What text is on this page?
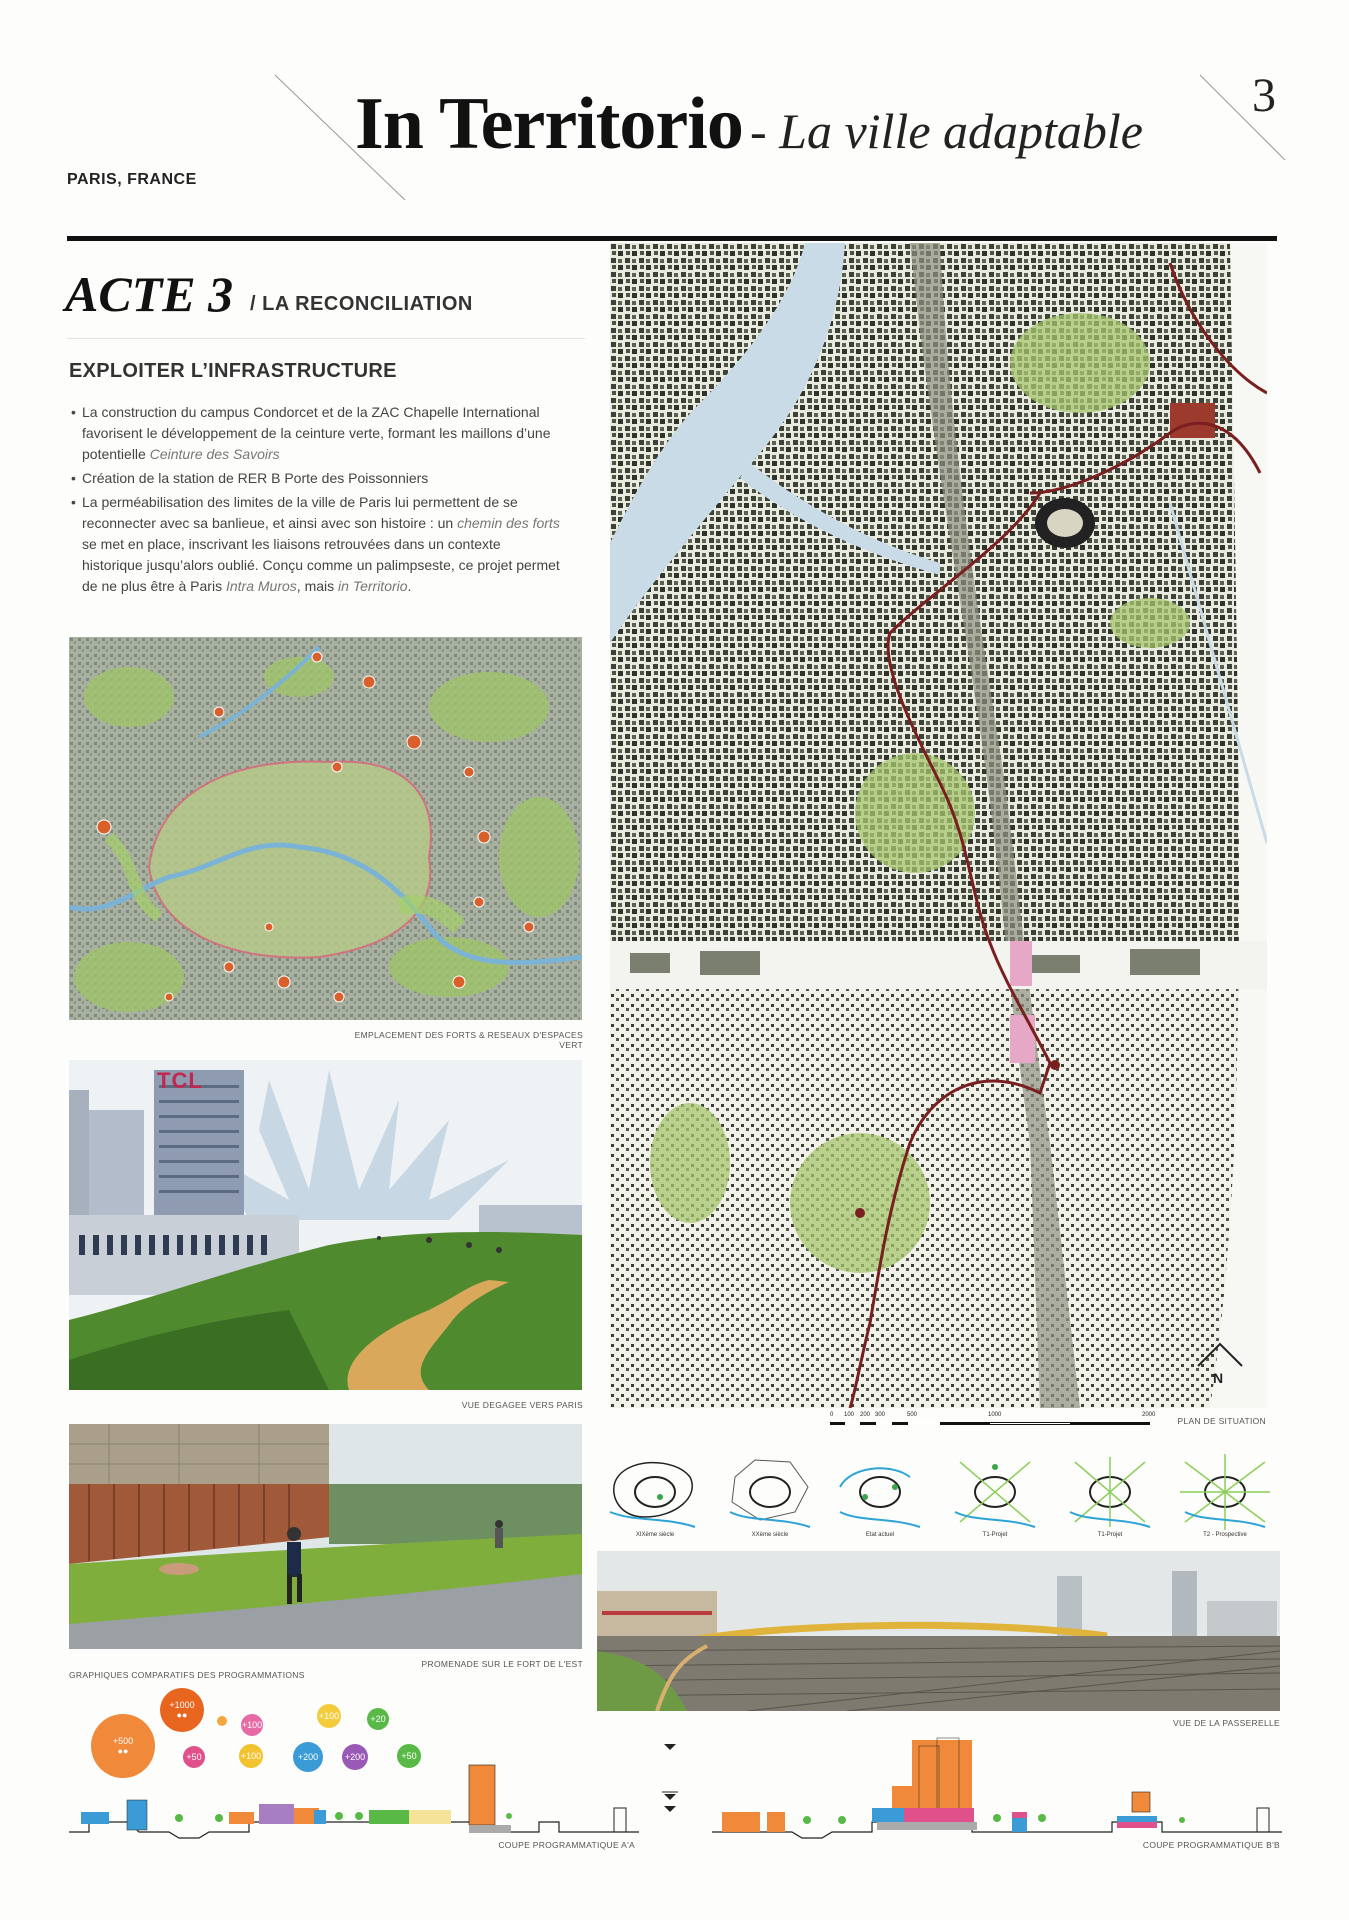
In Territorio - La ville adaptable
3
PARIS, FRANCE
ACTE 3 / LA RECONCILIATION
EXPLOITER L’INFRASTRUCTURE
• La construction du campus Condorcet et de la ZAC Chapelle International favorisent le développement de la ceinture verte, formant les maillons d’une potentielle Ceinture des Savoirs
• Création de la station de RER B Porte des Poissonniers
• La perméabilisation des limites de la ville de Paris lui permettent de se reconnecter avec sa banlieue, et ainsi avec son histoire : un chemin des forts se met en place, inscrivant les liaisons retrouvées dans un contexte historique jusqu’alors oublié. Conçu comme un palimpseste, ce projet permet de ne plus être à Paris Intra Muros, mais in Territorio.
EMPLACEMENT DES FORTS & RESEAUX D'ESPACES VERT
TCL
VUE DEGAGEE VERS PARIS
PROMENADE SUR LE FORT DE L'EST
N
0 100 200 300	500	1000	2000
PLAN DE SITUATION
XIXème siècle	XXème siècle	Etat actuel	T1-Projet	T1-Projet	T2 - Prospective
VUE DE LA PASSERELLE
GRAPHIQUES COMPARATIFS DES PROGRAMMATIONS
+500
●●
+1000
●●
+50
+100
+100
+100
+200	+200
+20
+50
COUPE PROGRAMMATIQUE A'A	COUPE PROGRAMMATIQUE B'B
